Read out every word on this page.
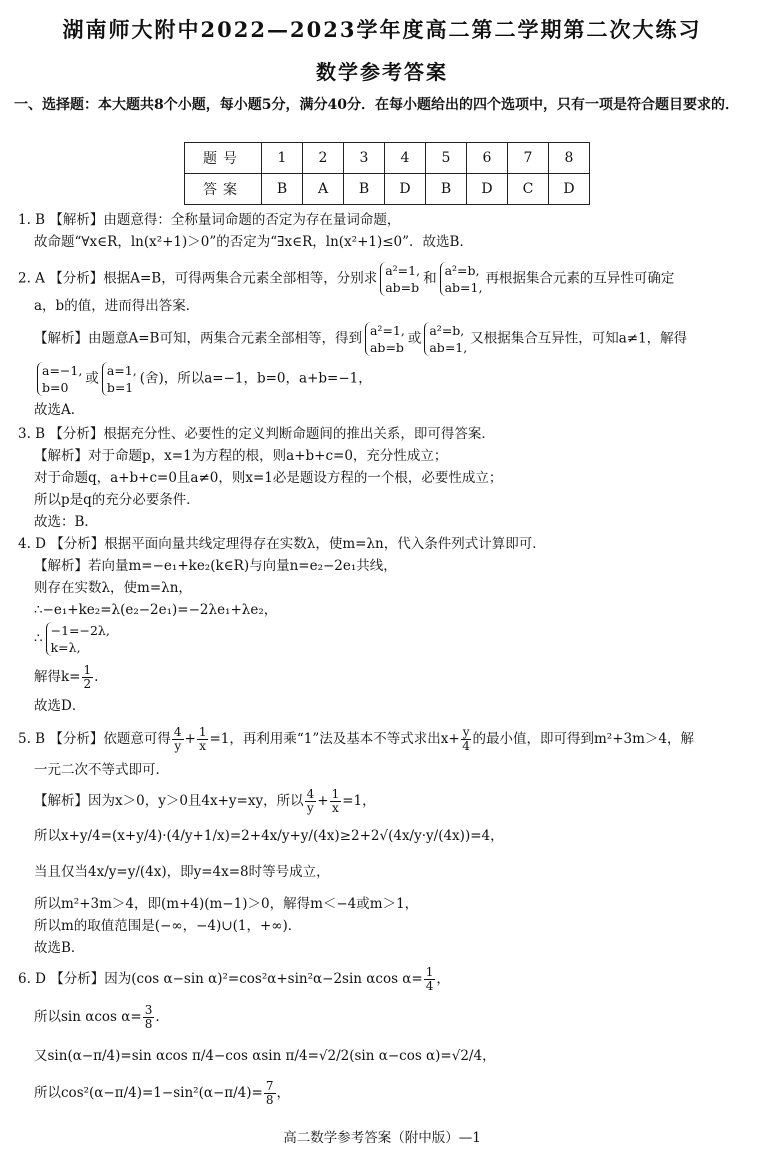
湖南师大附中2022—2023学年度高二第二学期第二次大练习
数学参考答案
一、选择题：本大题共8个小题，每小题5分，满分40分．在每小题给出的四个选项中，只有一项是符合题目要求的．
题号	1	2	3	4	5	6	7	8
答案	B	A	B	D	B	D	C	D
1. B 【解析】由题意得：全称量词命题的否定为存在量词命题，
故命题“∀x∈R，ln(x²+1)＞0”的否定为“∃x∈R，ln(x²+1)≤0”．故选B．
2. A 【分析】根据A=B，可得两集合元素全部相等，分别求 a²=1,
ab=b
和 a²=b,
ab=1,
再根据集合元素的互异性可确定
a，b的值，进而得出答案．
【解析】由题意A=B可知，两集合元素全部相等，得到 a²=1,
ab=b
或 a²=b,
ab=1,
又根据集合互异性，可知a≠1，解得
a=−1,
b=0
或 a=1,
b=1
(舍)，所以a=−1，b=0，a+b=−1，
故选A．
3. B 【分析】根据充分性、必要性的定义判断命题间的推出关系，即可得答案．
【解析】对于命题p，x=1为方程的根，则a+b+c=0，充分性成立；
对于命题q，a+b+c=0且a≠0，则x=1必是题设方程的一个根，必要性成立；
所以p是q的充分必要条件．
故选：B．
4. D 【分析】根据平面向量共线定理得存在实数λ，使m=λn，代入条件列式计算即可．
【解析】若向量m=−e₁+ke₂(k∈R)与向量n=e₂−2e₁共线，
则存在实数λ，使m=λn，
∴−e₁+ke₂=λ(e₂−2e₁)=−2λe₁+λe₂，
∴ −1=−2λ,
k=λ,
解得$k= \frac{1}{2}$ .
故选D．
5. B 【分析】依题意可得 $\frac{4}{y} + \frac{1}{x} =1$，再利用乘“1”法及基本不等式求出$x+ \frac{y}{4}$ 的最小值，即可得到m²+3m＞4，解
一元二次不等式即可．
【解析】因为x＞0，y＞0且4x+y=xy，所以 $\frac{4}{y} + \frac{1}{x} =1$，
所以x+y/4=(x+y/4)·(4/y+1/x)=2+4x/y+y/(4x)≥2+2√(4x/y·y/(4x))=4，
当且仅当4x/y=y/(4x)，即y=4x=8时等号成立，
所以m²+3m＞4，即(m+4)(m−1)＞0，解得m＜−4或m＞1，
所以m的取值范围是(−∞，−4)∪(1，+∞)．
故选B．
6. D 【分析】因为(cos α−sin α)²=cos²α+sin²α−2sin αcos $\alpha= \frac{1}{4}$ ，
所以sin αcos $\alpha= \frac{3}{8}$ .
又sin(α−π/4)=sin αcos π/4−cos αsin π/4=√2/2(sin α−cos α)=√2/4，
所以$\cos^2(\alpha-\pi/4)=1-\sin^2(\alpha-\pi/4)= \frac{7}{8}$ ，
高二数学参考答案（附中版）—1
